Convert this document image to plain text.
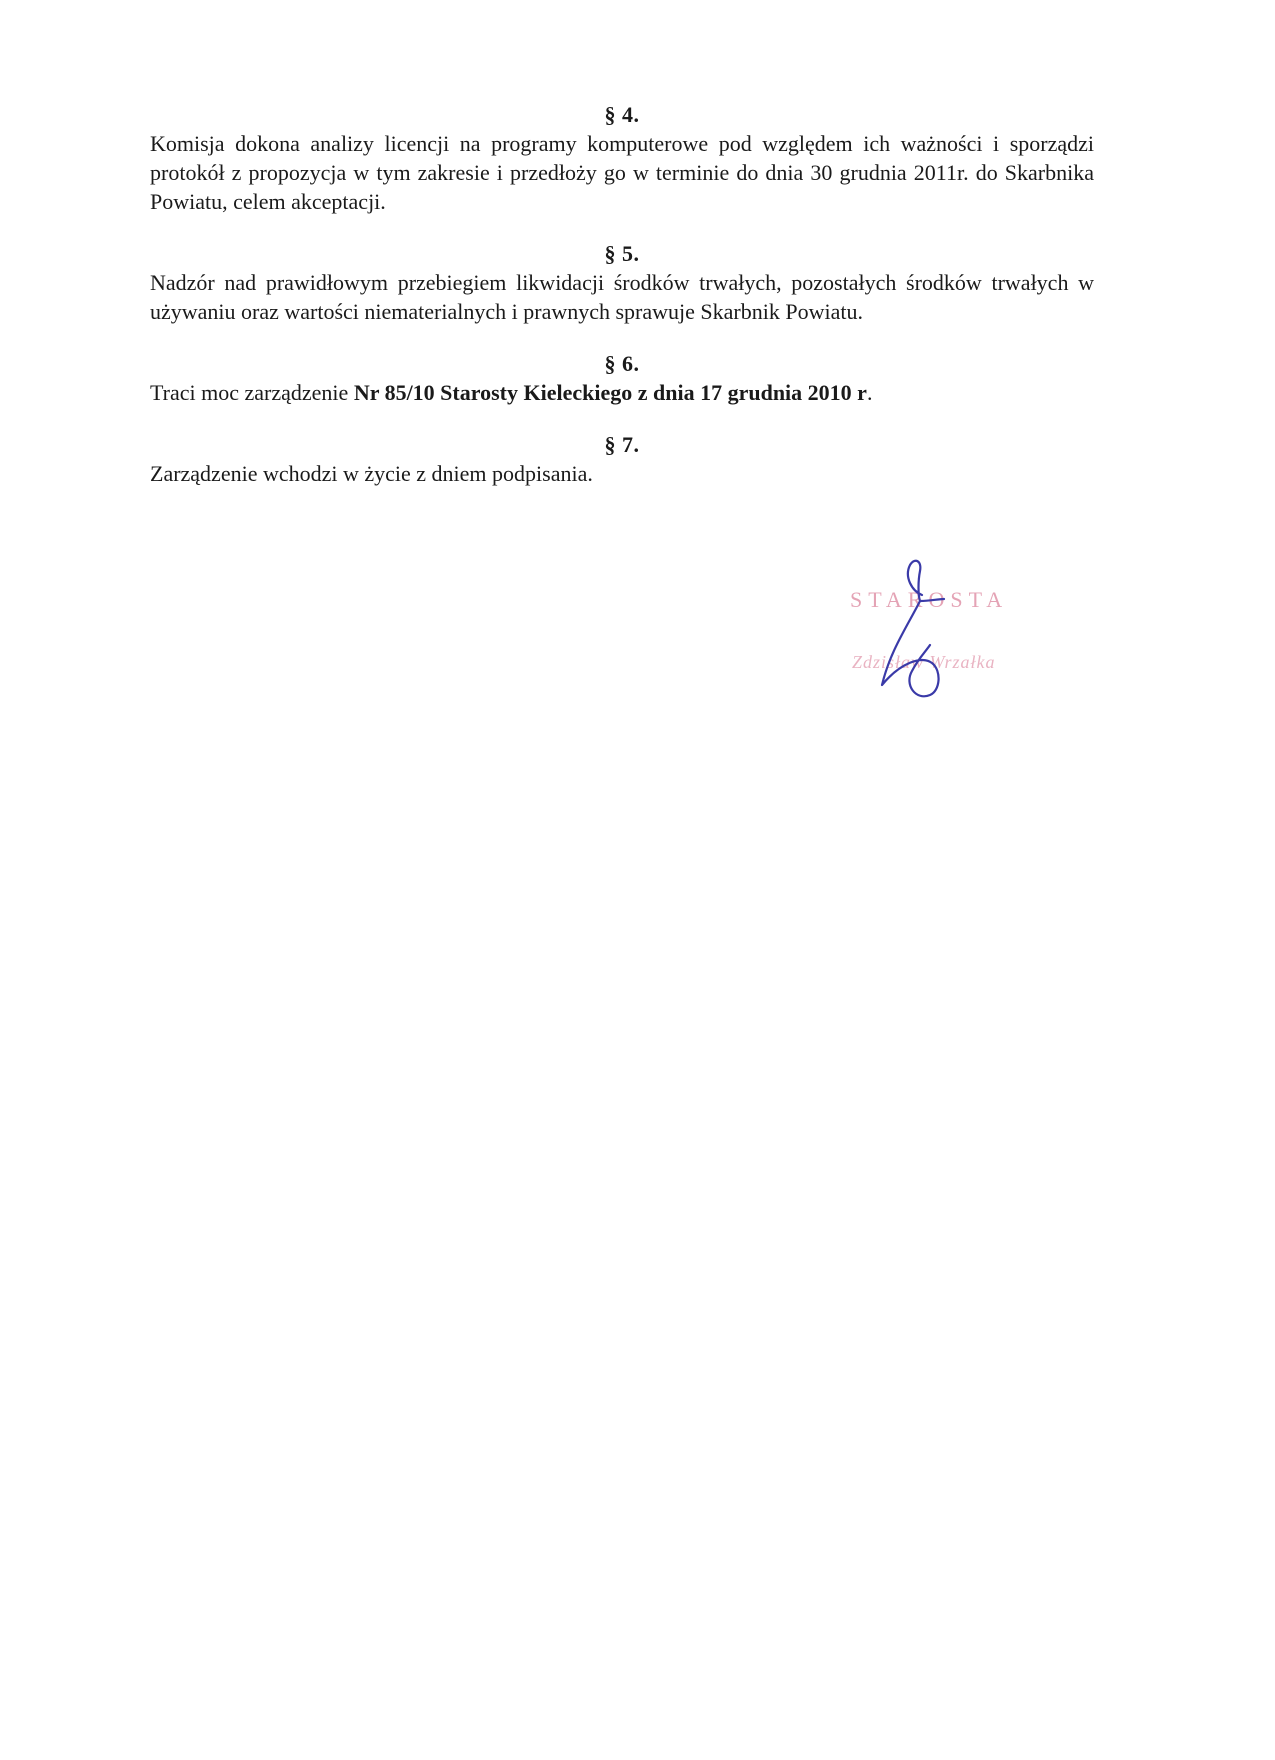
§ 4.
Komisja dokona analizy licencji na programy komputerowe pod względem ich ważności i sporządzi protokół z propozycja w tym zakresie i przedłoży go w terminie do dnia 30 grudnia 2011r. do Skarbnika Powiatu, celem akceptacji.
§ 5.
Nadzór nad prawidłowym przebiegiem likwidacji środków trwałych, pozostałych środków trwałych w używaniu oraz wartości niematerialnych i prawnych sprawuje Skarbnik Powiatu.
§ 6.
Traci moc zarządzenie Nr 85/10 Starosty Kieleckiego z dnia 17 grudnia 2010 r.
§ 7.
Zarządzenie wchodzi w życie z dniem podpisania.
STAROSTA
Zdzisław Wrzałka
